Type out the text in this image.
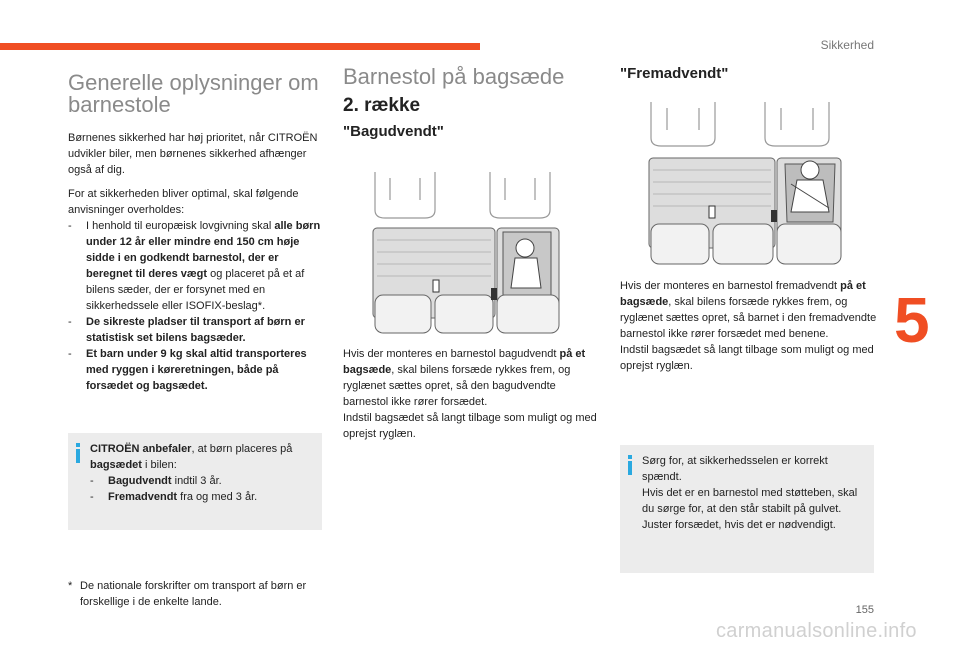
Sikkerhed
5
155
carmanualsonline.info
Generelle oplysninger om barnestole

Børnenes sikkerhed har høj prioritet, når CITROËN udvikler biler, men børnenes sikkerhed afhænger også af dig.

For at sikkerheden bliver optimal, skal følgende anvisninger overholdes:

- I henhold til europæisk lovgivning skal alle børn under 12 år eller mindre end 150 cm høje sidde i en godkendt barnestol, der er beregnet til deres vægt og placeret på et af bilens sæder, der er forsynet med en sikkerhedssele eller ISOFIX-beslag*.
- De sikreste pladser til transport af børn er statistisk set bilens bagsæder.
- Et barn under 9 kg skal altid transporteres med ryggen i køreretningen, både på forsædet og bagsædet.
CITROËN anbefaler, at børn placeres på
bagsædet i bilen:
- Bagudvendt indtil 3 år.
- Fremadvendt fra og med 3 år.
* De nationale forskrifter om transport af børn er forskellige i de enkelte lande.
Barnestol på bagsæde
2. række
"Bagudvendt"

Hvis der monteres en barnestol bagudvendt på et bagsæde, skal bilens forsæde rykkes frem, og ryglænet sættes opret, så den bagudvendte barnestol ikke rører forsædet.

Indstil bagsædet så langt tilbage som muligt og med oprejst ryglæn.

"Fremadvendt"

Hvis der monteres en barnestol fremadvendt på et bagsæde, skal bilens forsæde rykkes frem, og ryglænet sættes opret, så barnet i den fremadvendte barnestol ikke rører forsædet med benene.

Indstil bagsædet så langt tilbage som muligt og med oprejst ryglæn.

Sørg for, at sikkerhedsselen er korrekt spændt.
Hvis det er en barnestol med støtteben, skal du sørge for, at den står stabilt på gulvet. Juster forsædet, hvis det er nødvendigt.
